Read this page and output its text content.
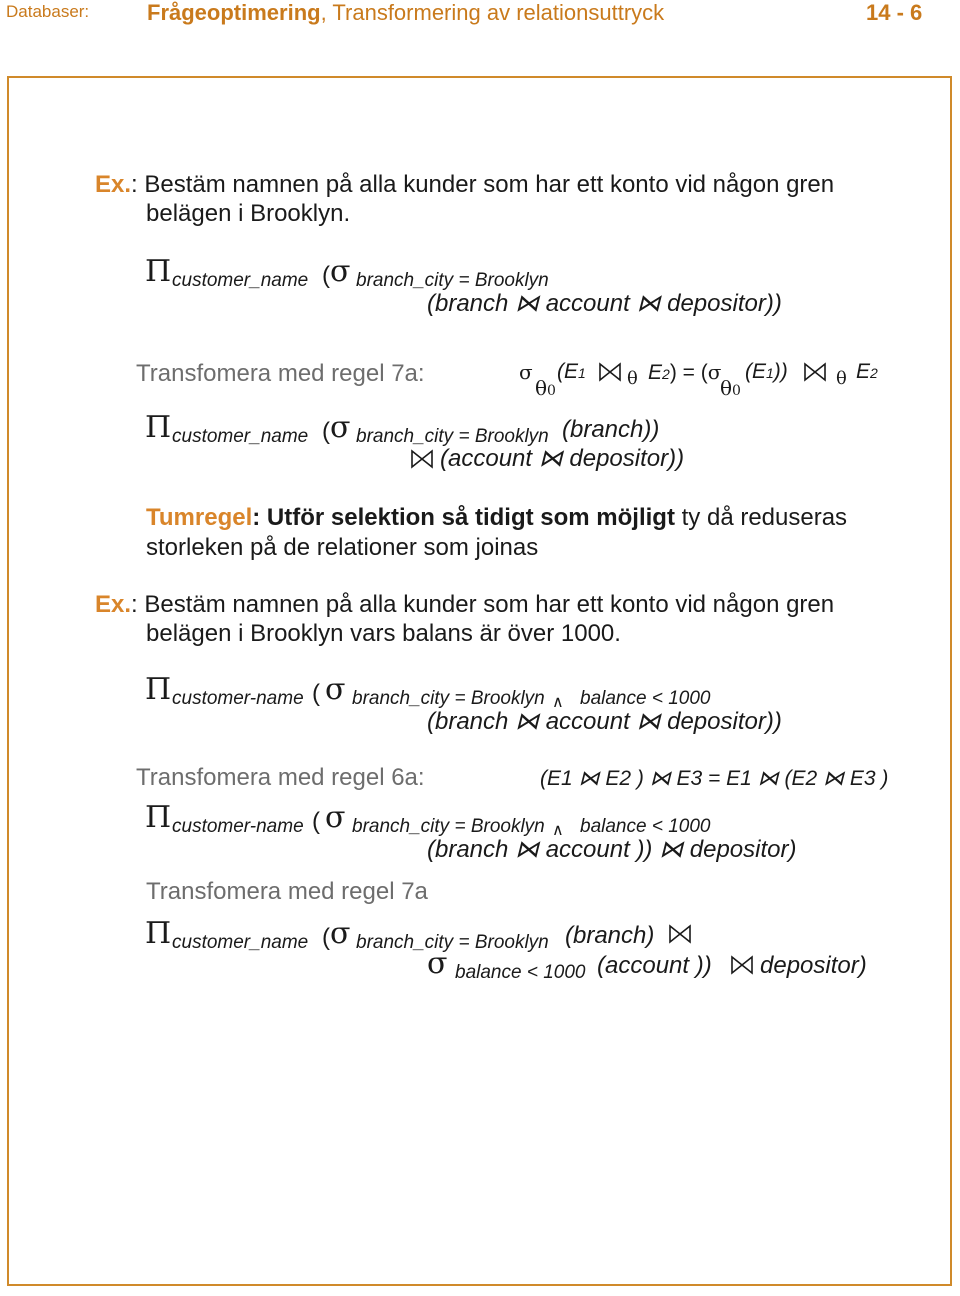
Databaser:	Frågeoptimering, Transformering av relationsuttryck	14 - 6
Ex.: Bestäm namnen på alla kunder som har ett konto vid någon gren
belägen i Brooklyn.
Π customer_name ( σ branch_city = Brooklyn
(branch ⋈ account ⋈ depositor))
Transfomera med regel 7a:	σ
θ0
(E1 θ E2) = (σ
θ0
(E1))	θ E2
Π customer_name ( σ branch_city = Brooklyn (branch))
(account ⋈ depositor))
Tumregel: Utför selektion så tidigt som möjligt ty då reduseras
storleken på de relationer som joinas
Ex.: Bestäm namnen på alla kunder som har ett konto vid någon gren
belägen i Brooklyn vars balans är över 1000.
Π customer-name ( σ branch_city = Brooklyn ∧ balance < 1000
(branch ⋈ account ⋈ depositor))
Transfomera med regel 6a:	(E1 ⋈ E2 ) ⋈ E3 = E1 ⋈ (E2 ⋈ E3 )
Π customer-name ( σ branch_city = Brooklyn ∧ balance < 1000
(branch ⋈ account )) ⋈ depositor)
Transfomera med regel 7a
Π customer_name ( σ branch_city = Brooklyn (branch)
σ balance < 1000 (account )) depositor)
